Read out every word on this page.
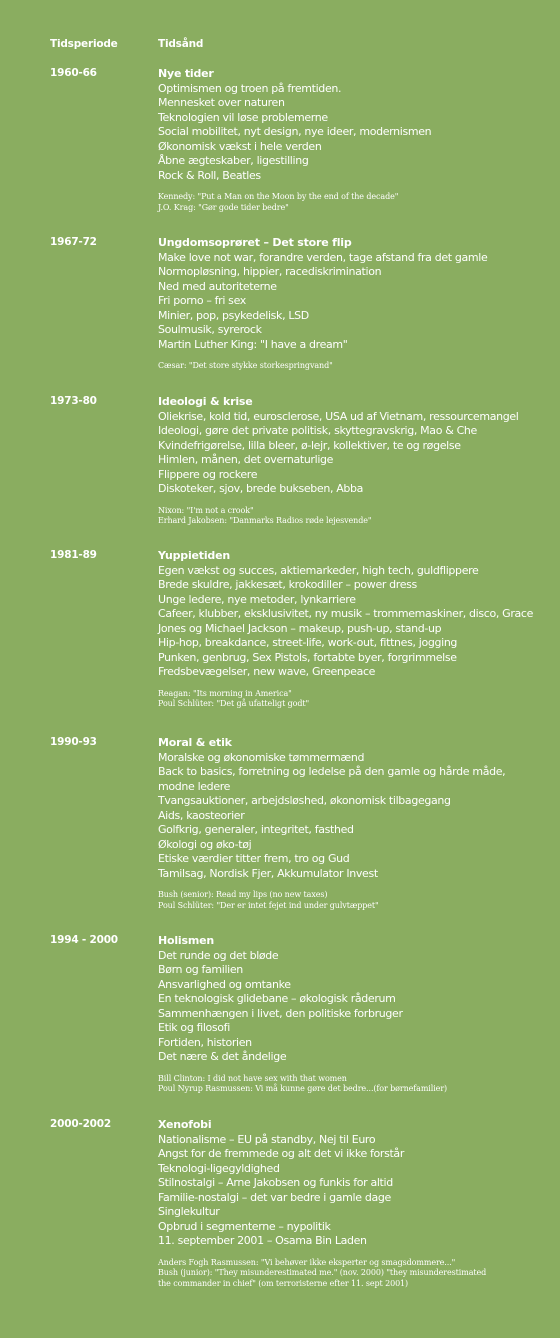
Tidsperiode	Tidsånd
1960-66	Nye tider
Optimismen og troen på fremtiden.
Mennesket over naturen
Teknologien vil løse problemerne
Social mobilitet, nyt design, nye ideer, modernismen
Økonomisk vækst i hele verden
Åbne ægteskaber, ligestilling
Rock & Roll, Beatles
Kennedy: "Put a Man on the Moon by the end of the decade"
J.O. Krag: "Gør gode tider bedre"
1967-72	Ungdomsoprøret – Det store flip
Make love not war, forandre verden, tage afstand fra det gamle
Normopløsning, hippier, racediskrimination
Ned med autoriteterne
Fri porno – fri sex
Minier, pop, psykedelisk, LSD
Soulmusik, syrerock
Martin Luther King: "I have a dream"
Cæsar: "Det store stykke storkespringvand"
1973-80	Ideologi & krise
Oliekrise, kold tid, eurosclerose, USA ud af Vietnam, ressourcemangel
Ideologi, gøre det private politisk, skyttegravskrig, Mao & Che
Kvindefrigørelse, lilla bleer, ø-lejr, kollektiver, te og røgelse
Himlen, månen, det overnaturlige
Flippere og rockere
Diskoteker, sjov, brede bukseben, Abba
Nixon: "I'm not a crook"
Erhard Jakobsen: "Danmarks Radios røde lejesvende"
1981-89	Yuppietiden
Egen vækst og succes, aktiemarkeder, high tech, guldflippere
Brede skuldre, jakkesæt, krokodiller – power dress
Unge ledere, nye metoder, lynkarriere
Cafeer, klubber, eksklusivitet, ny musik – trommemaskiner, disco, Grace
Jones og Michael Jackson – makeup, push-up, stand-up
Hip-hop, breakdance, street-life, work-out, fittnes, jogging
Punken, genbrug, Sex Pistols, fortabte byer, forgrimmelse
Fredsbevægelser, new wave, Greenpeace
Reagan: "Its morning in America"
Poul Schlüter: "Det gå ufatteligt godt"
1990-93	Moral & etik
Moralske og økonomiske tømmermænd
Back to basics, forretning og ledelse på den gamle og hårde måde,
modne ledere
Tvangsauktioner, arbejdsløshed, økonomisk tilbagegang
Aids, kaosteorier
Golfkrig, generaler, integritet, fasthed
Økologi og øko-tøj
Etiske værdier titter frem, tro og Gud
Tamilsag, Nordisk Fjer, Akkumulator Invest
Bush (senior): Read my lips (no new taxes)
Poul Schlüter: "Der er intet fejet ind under gulvtæppet"
1994 - 2000	Holismen
Det runde og det bløde
Børn og familien
Ansvarlighed og omtanke
En teknologisk glidebane – økologisk råderum
Sammenhængen i livet, den politiske forbruger
Etik og filosofi
Fortiden, historien
Det nære & det åndelige
Bill Clinton: I did not have sex with that women
Poul Nyrup Rasmussen: Vi må kunne gøre det bedre...(for børnefamilier)
2000-2002	Xenofobi
Nationalisme – EU på standby, Nej til Euro
Angst for de fremmede og alt det vi ikke forstår
Teknologi-ligegyldighed
Stilnostalgi – Arne Jakobsen og funkis for altid
Familie-nostalgi – det var bedre i gamle dage
Singlekultur
Opbrud i segmenterne – nypolitik
11. september 2001 – Osama Bin Laden
Anders Fogh Rasmussen: "Vi behøver ikke eksperter og smagsdommere..."
Bush (junior): "They misunderestimated me." (nov. 2000) "they misunderestimated
the commander in chief" (om terroristerne efter 11. sept 2001)
